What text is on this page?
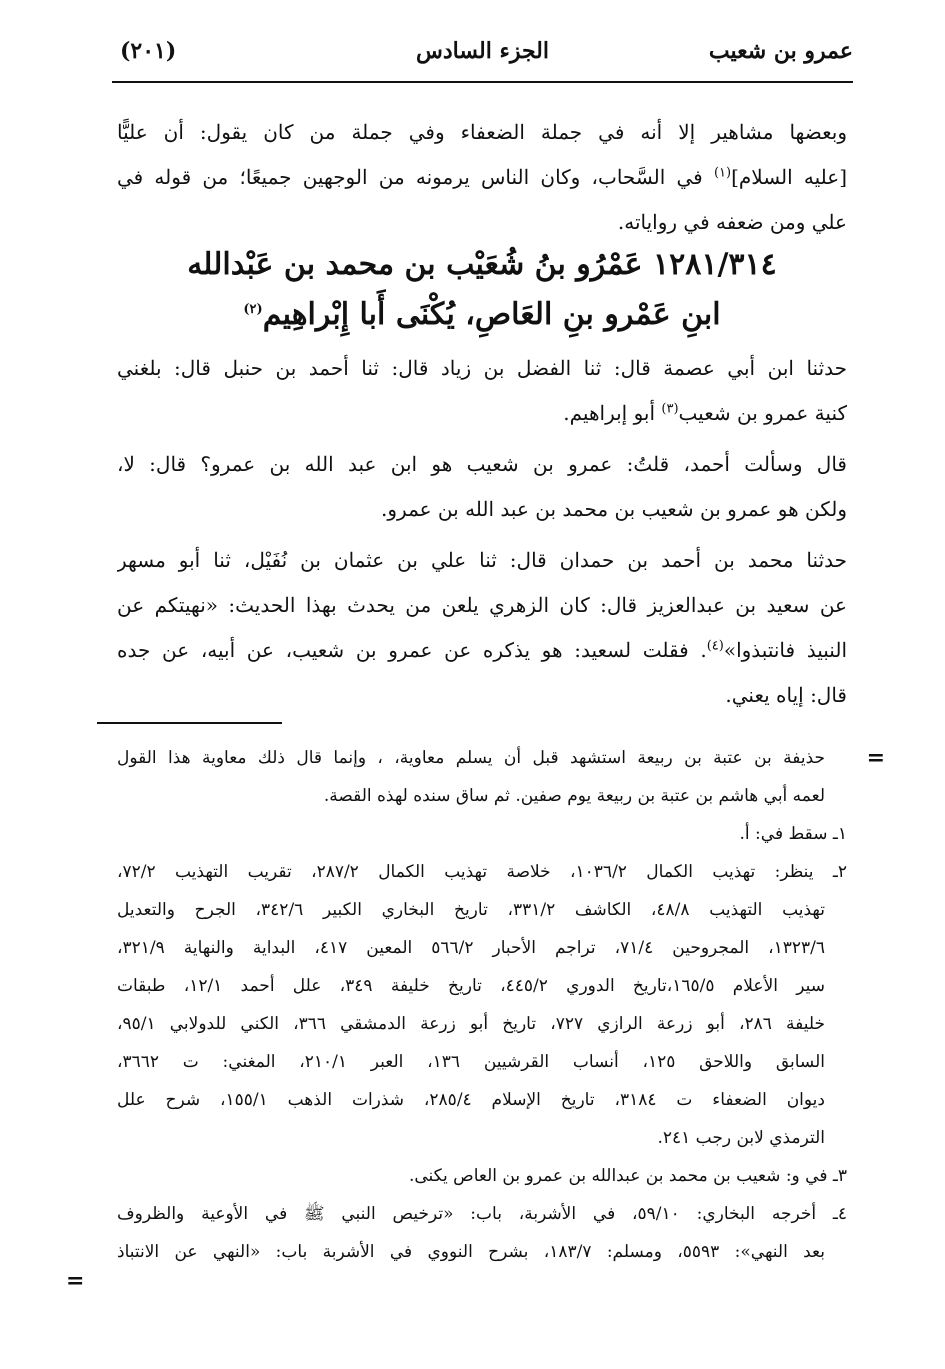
عمرو بن شعيب
الجزء السادس
(٢٠١)
وبعضها مشاهير إلا أنه في جملة الضعفاء وفي جملة من كان يقول: أن عليًّا
[عليه السلام]$^{(١)}$ في السَّحاب، وكان الناس يرمونه من الوجهين جميعًا؛ من قوله في
علي ومن ضعفه في رواياته.
١٢٨١/٣١٤ عَمْرُو بنُ شُعَيْب بن محمد بن عَبْدالله
ابنِ عَمْرو بنِ العَاصِ، يُكْنَى أَبا إِبْراهِيم$^{(٢)}$
حدثنا ابن أبي عصمة قال: ثنا الفضل بن زياد قال: ثنا أحمد بن حنبل قال: بلغني
كنية عمرو بن شعيب$^{(٣)}$ أبو إبراهيم.
قال وسألت أحمد، قلتُ: عمرو بن شعيب هو ابن عبد الله بن عمرو؟ قال: لا،
ولكن هو عمرو بن شعيب بن محمد بن عبد الله بن عمرو.
حدثنا محمد بن أحمد بن حمدان قال: ثنا علي بن عثمان بن نُفَيْل، ثنا أبو مسهر
عن سعيد بن عبدالعزيز قال: كان الزهري يلعن من يحدث بهذا الحديث: «نهيتكم عن
النبيذ فانتبذوا»$^{(٤)}$. فقلت لسعيد: هو يذكره عن عمرو بن شعيب، عن أبيه، عن جده
قال: إياه يعني.
=
حذيفة بن عتبة بن ربيعة استشهد قبل أن يسلم معاوية، ، وإنما قال ذلك معاوية هذا القول
لعمه أبي هاشم بن عتبة بن ربيعة يوم صفين. ثم ساق سنده لهذه القصة.
١ـ سقط في: أ.
٢ـ ينظر: تهذيب الكمال ١٠٣٦/٢، خلاصة تهذيب الكمال ٢٨٧/٢، تقريب التهذيب ٧٢/٢،
تهذيب التهذيب ٤٨/٨، الكاشف ٣٣١/٢، تاريخ البخاري الكبير ٣٤٢/٦، الجرح والتعديل
١٣٢٣/٦، المجروحين ٧١/٤، تراجم الأحبار ٥٦٦/٢ المعين ٤١٧، البداية والنهاية ٣٢١/٩،
سير الأعلام ١٦٥/٥،تاريخ الدوري ٤٤٥/٢، تاريخ خليفة ٣٤٩، علل أحمد ١٢/١، طبقات
خليفة ٢٨٦، أبو زرعة الرازي ٧٢٧، تاريخ أبو زرعة الدمشقي ٣٦٦، الكني للدولابي ٩٥/١،
السابق واللاحق ١٢٥، أنساب القرشيين ١٣٦، العبر ٢١٠/١، المغني: ت ٣٦٦٢،
ديوان الضعفاء ت ٣١٨٤، تاريخ الإسلام ٢٨٥/٤، شذرات الذهب ١٥٥/١، شرح علل
الترمذي لابن رجب ٢٤١.
٣ـ في و: شعيب بن محمد بن عبدالله بن عمرو بن العاص يكنى.
٤ـ أخرجه البخاري: ٥٩/١٠، في الأشربة، باب: «ترخيص النبي ﷺ في الأوعية والظروف
بعد النهي»: ٥٥٩٣، ومسلم: ١٨٣/٧، بشرح النووي في الأشربة باب: «النهي عن الانتباذ
=
